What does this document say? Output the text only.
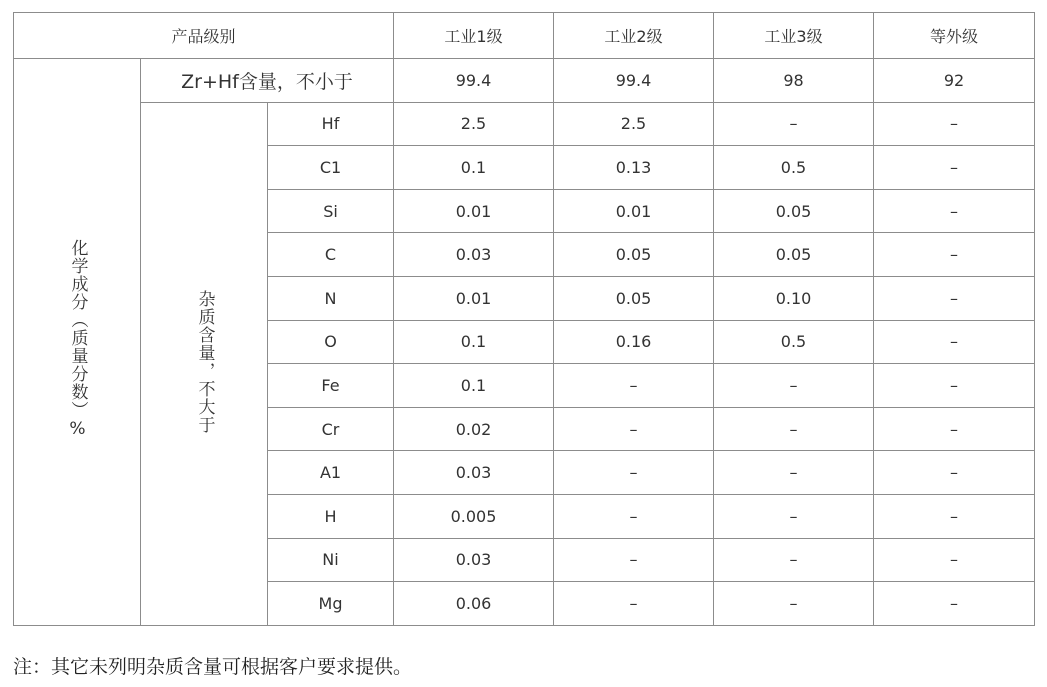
产品级别			工业1级	工业2级	工业3级	等外级
化学成分（质量分数）%	Zr+Hf含量，不小于		99.4	99.4	98	92
	杂质含量，不大于	Hf	2.5	2.5	–	–
		C1	0.1	0.13	0.5	–
		Si	0.01	0.01	0.05	–
		C	0.03	0.05	0.05	–
		N	0.01	0.05	0.10	–
		O	0.1	0.16	0.5	–
		Fe	0.1	–	–	–
		Cr	0.02	–	–	–
		A1	0.03	–	–	–
		H	0.005	–	–	–
		Ni	0.03	–	–	–
		Mg	0.06	–	–	–
注：其它未列明杂质含量可根据客户要求提供。
